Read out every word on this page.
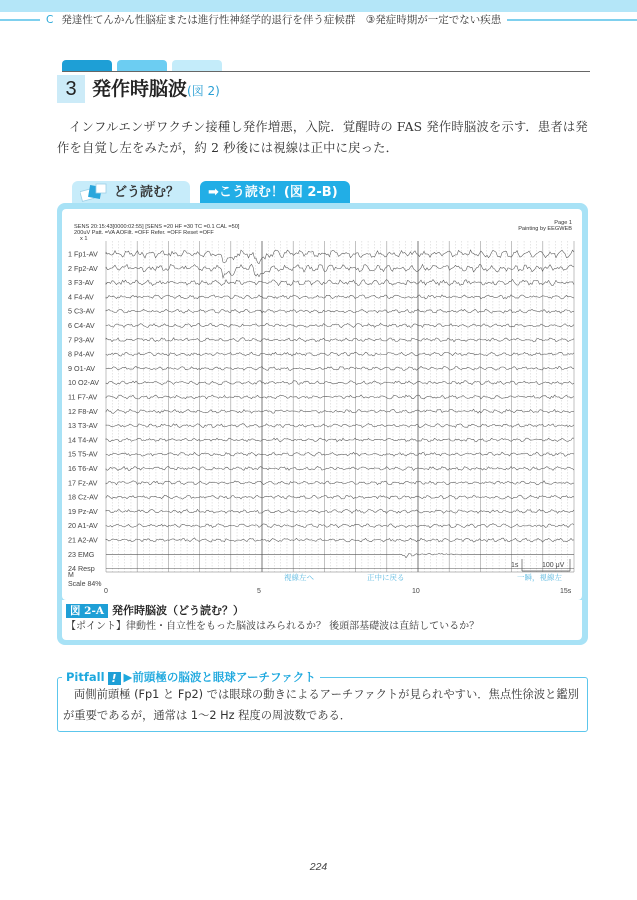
C 発達性てんかん性脳症または進行性神経学的退行を伴う症候群　③発症時期が一定でない疾患
3 発作時脳波(図 2)

インフルエンザワクチン接種し発作増悪，入院．覚醒時の FAS 発作時脳波を示す．患者は発作を自覚し左をみたが，約 2 秒後には視線は正中に戻った．

どう読む？	➡こう読む！(図 2-B)
SENS 20:15:43[0000:02:55] [SENS =20 HF =30 TC =0.1 CAL =50]
200uV Patt. =VA AOFilt. =OFF Refer. =OFF Reset =OFF
x 1
Page 1
Painting by EEGWEB
1 Fp1-AV
2 Fp2-AV
3 F3-AV
4 F4-AV
5 C3-AV
6 C4-AV
7 P3-AV
8 P4-AV
9 O1-AV
10 O2-AV
11 F7-AV
12 F8-AV
13 T3-AV
14 T4-AV
15 T5-AV
16 T6-AV
17 Fz-AV
18 Cz-AV
19 Pz-AV
20 A1-AV
21 A2-AV
23 EMG
24 Resp	1s	100 μV
視線左へ	正中に戻る	一瞬，視線左
M
Scale 84%
0	5	10	15s
図 2-A 発作時脳波（どう読む？）
【ポイント】律動性・自立性をもった脳波はみられるか？ 後頭部基礎波は直結しているか？
Pitfall ! ▶前頭極の脳波と眼球アーチファクト

両側前頭極 (Fp1 と Fp2) では眼球の動きによるアーチファクトが見られやすい．焦点性徐波と鑑別が重要であるが，通常は 1〜2 Hz 程度の周波数である．

224
